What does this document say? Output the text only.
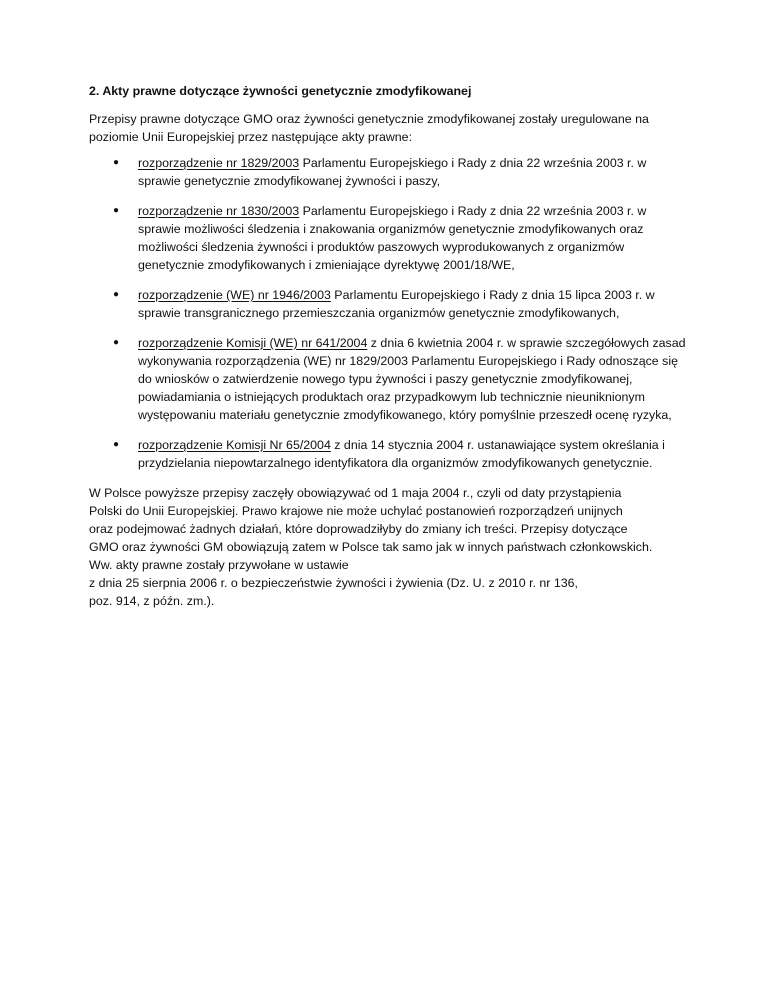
2. Akty prawne dotyczące żywności genetycznie zmodyfikowanej
Przepisy prawne dotyczące GMO oraz żywności genetycznie zmodyfikowanej zostały uregulowane na poziomie Unii Europejskiej przez następujące akty prawne:
● rozporządzenie nr 1829/2003 Parlamentu Europejskiego i Rady z dnia 22 września 2003 r. w sprawie genetycznie zmodyfikowanej żywności i paszy,
● rozporządzenie nr 1830/2003 Parlamentu Europejskiego i Rady z dnia 22 września 2003 r. w sprawie możliwości śledzenia i znakowania organizmów genetycznie zmodyfikowanych oraz możliwości śledzenia żywności i produktów paszowych wyprodukowanych z organizmów genetycznie zmodyfikowanych i zmieniające dyrektywę 2001/18/WE,
● rozporządzenie (WE) nr 1946/2003 Parlamentu Europejskiego i Rady z dnia 15 lipca 2003 r. w sprawie transgranicznego przemieszczania organizmów genetycznie zmodyfikowanych,
● rozporządzenie Komisji (WE) nr 641/2004 z dnia 6 kwietnia 2004 r. w sprawie szczegółowych zasad wykonywania rozporządzenia (WE) nr 1829/2003 Parlamentu Europejskiego i Rady odnoszące się do wniosków o zatwierdzenie nowego typu żywności i paszy genetycznie zmodyfikowanej, powiadamiania o istniejących produktach oraz przypadkowym lub technicznie nieuniknionym występowaniu materiału genetycznie zmodyfikowanego, który pomyślnie przeszedł ocenę ryzyka,
● rozporządzenie Komisji Nr 65/2004 z dnia 14 stycznia 2004 r. ustanawiające system określania i przydzielania niepowtarzalnego identyfikatora dla organizmów zmodyfikowanych genetycznie.
W Polsce powyższe przepisy zaczęły obowiązywać od 1 maja 2004 r., czyli od daty przystąpienia
Polski do Unii Europejskiej. Prawo krajowe nie może uchylać postanowień rozporządzeń unijnych
oraz podejmować żadnych działań, które doprowadziłyby do zmiany ich treści. Przepisy dotyczące
GMO oraz żywności GM obowiązują zatem w Polsce tak samo jak w innych państwach członkowskich.
Ww. akty prawne zostały przywołane w ustawie
z dnia 25 sierpnia 2006 r. o bezpieczeństwie żywności i żywienia (Dz. U. z 2010 r. nr 136,
poz. 914, z późn. zm.).
